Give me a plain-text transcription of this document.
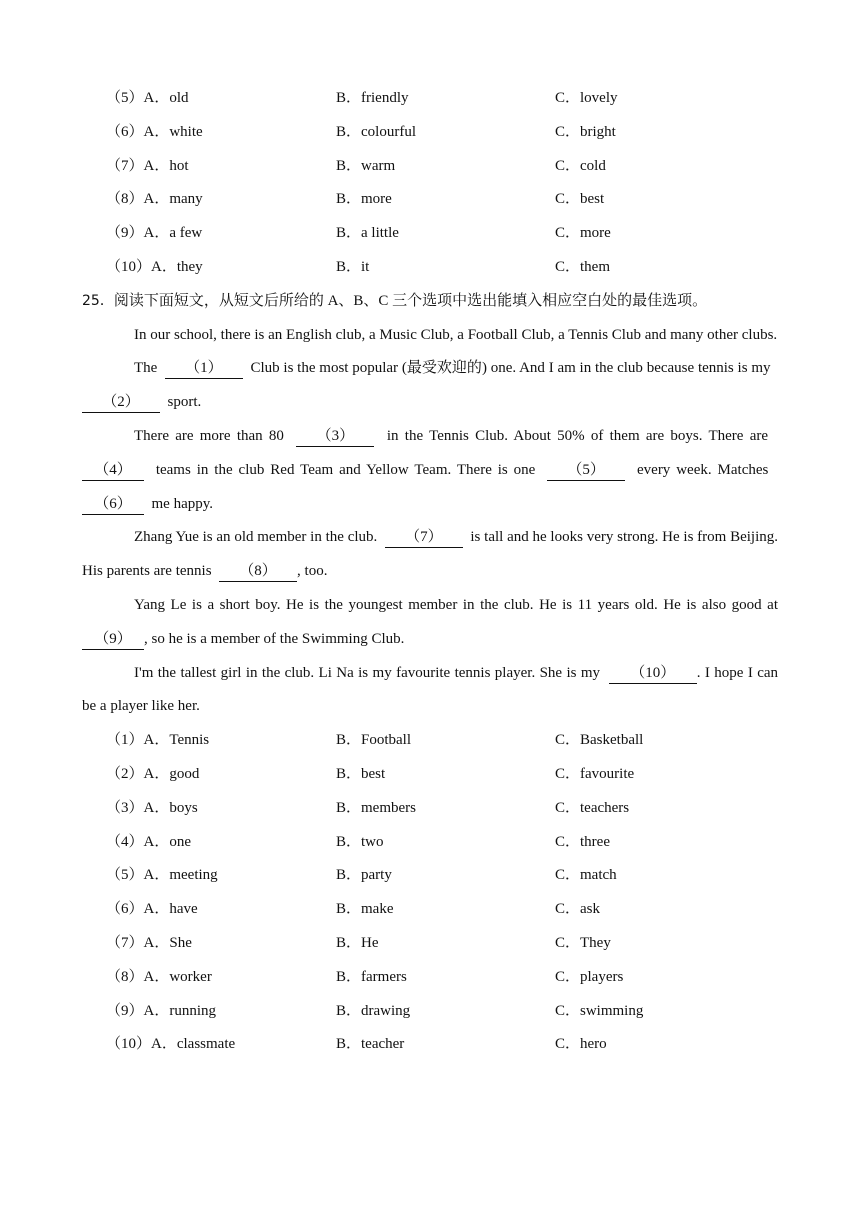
（5）A．old	B．friendly	C．lovely
（6）A．white	B．colourful	C．bright
（7）A．hot	B．warm	C．cold
（8）A．many	B．more	C．best
（9）A．a few	B．a little	C．more
（10）A．they	B．it	C．them
25．阅读下面短文，从短文后所给的 A、B、C 三个选项中选出能填入相应空白处的最佳选项。

In our school, there is an English club, a Music Club, a Football Club, a Tennis Club and many other clubs.

The （1） Club is the most popular (最受欢迎的) one. And I am in the club because tennis is my  （2） sport.

There are more than 80 （3） in the Tennis Club. About 50% of them are boys. There are  （4） teams in the club Red Team and Yellow Team. There is one （5） every week. Matches  （6） me happy.

Zhang Yue is an old member in the club. （7） is tall and he looks very strong. He is from Beijing. His parents are tennis （8） , too.

Yang Le is a short boy. He is the youngest member in the club. He is 11 years old. He is also good at （9） , so he is a member of the Swimming Club.

I'm the tallest girl in the club. Li Na is my favourite tennis player. She is my （10） . I hope I can be a player like her.

（1）A．Tennis	B．Football	C．Basketball
（2）A．good	B．best	C．favourite
（3）A．boys	B．members	C．teachers
（4）A．one	B．two	C．three
（5）A．meeting	B．party	C．match
（6）A．have	B．make	C．ask
（7）A．She	B．He	C．They
（8）A．worker	B．farmers	C．players
（9）A．running	B．drawing	C．swimming
（10）A．classmate	B．teacher	C．hero
